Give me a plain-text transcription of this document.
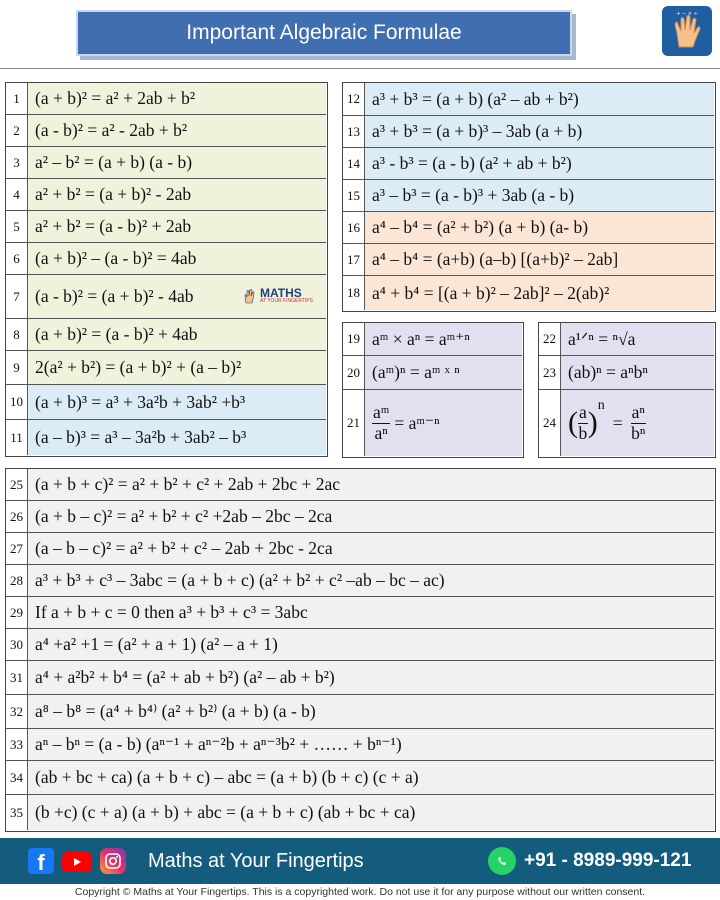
Important Algebraic Formulae
+ − × ÷
1 (a + b)² = a² + 2ab + b²
2 (a - b)² = a² - 2ab + b²
3 a² – b² = (a + b) (a - b)
4 a² + b² = (a + b)² - 2ab
5 a² + b² = (a - b)² + 2ab
6 (a + b)² – (a - b)² = 4ab
7 (a - b)² = (a + b)² - 4ab
8 (a + b)² = (a - b)² + 4ab
9 2(a² + b²) = (a + b)² + (a – b)²
10 (a + b)³ = a³ + 3a²b + 3ab² +b³
11 (a – b)³ = a³ – 3a²b + 3ab² – b³
MATHS
AT YOUR FINGERTIPS
12 a³ + b³ = (a + b) (a² – ab + b²)
13 a³ + b³ = (a + b)³ – 3ab (a + b)
14 a³ - b³ = (a - b) (a² + ab + b²)
15 a³ – b³ = (a - b)³ + 3ab (a - b)
16 a⁴ – b⁴ = (a² + b²) (a + b) (a- b)
17 a⁴ – b⁴ = (a+b) (a–b) [(a+b)² – 2ab]
18 a⁴ + b⁴ = [(a + b)² – 2ab]² – 2(ab)²
19 aᵐ × aⁿ = aᵐ⁺ⁿ
20 (aᵐ)ⁿ = aᵐ ˣ ⁿ
$21 \frac{\text{aᵐ}}{\text{aⁿ}}$ = aᵐ⁻ⁿ
22 a¹ᐟⁿ = ⁿ√a
23 (ab)ⁿ = aⁿbⁿ
24 ( $\frac{a}{b}$ )
$^n$
= $\frac{\text{aⁿ}}{\text{bⁿ}}$
25 (a + b + c)² = a² + b² + c² + 2ab + 2bc + 2ac
26 (a + b – c)² = a² + b² + c² +2ab – 2bc – 2ca
27 (a – b – c)² = a² + b² + c² – 2ab + 2bc - 2ca
28 a³ + b³ + c³ – 3abc = (a + b + c) (a² + b² + c² –ab – bc – ac)
29 If a + b + c = 0 then a³ + b³ + c³ = 3abc
30 a⁴ +a² +1 = (a² + a + 1) (a² – a + 1)
31 a⁴ + a²b² + b⁴ = (a² + ab + b²) (a² – ab + b²)
32 a⁸ – b⁸ = (a⁴ + b⁴⁾ (a² + b²⁾ (a + b) (a - b)
33 aⁿ – bⁿ = (a - b) (aⁿ⁻¹ + aⁿ⁻²b + aⁿ⁻³b² + …… + bⁿ⁻¹)
34 (ab + bc + ca) (a + b + c) – abc = (a + b) (b + c) (c + a)
35 (b +c) (c + a) (a + b) + abc = (a + b + c) (ab + bc + ca)
f	Maths at Your Fingertips	+91 - 8989-999-121
Copyright © Maths at Your Fingertips. This is a copyrighted work. Do not use it for any purpose without our written consent.
